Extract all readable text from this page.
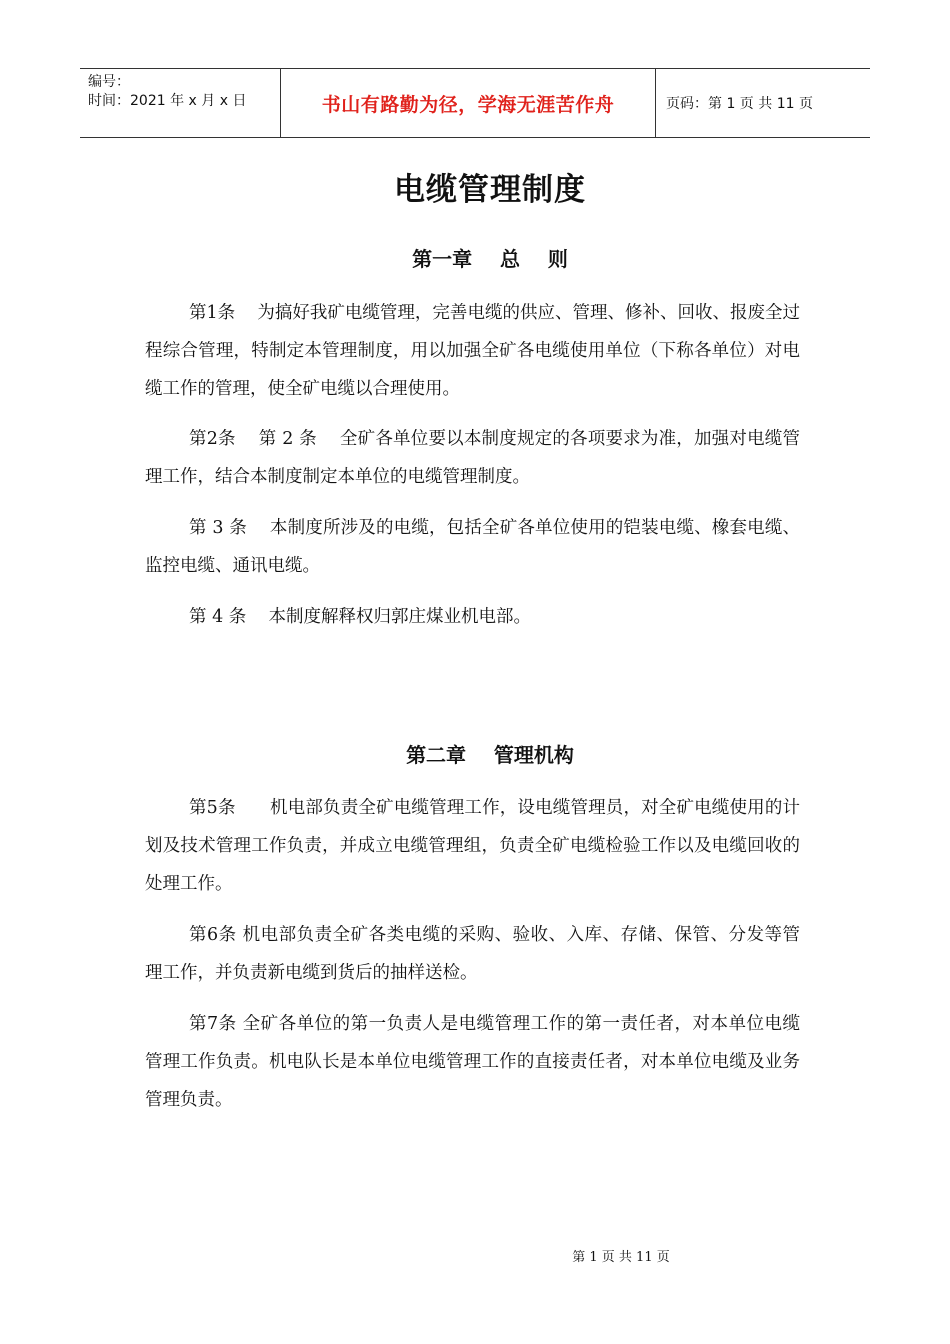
编号：
时间：2021 年 x 月 x 日	书山有路勤为径，学海无涯苦作舟	页码：第 1 页 共 11 页
电缆管理制度
第一章    总    则

第1条    为搞好我矿电缆管理，完善电缆的供应、管理、修补、回收、报废全过程综合管理，特制定本管理制度，用以加强全矿各电缆使用单位（下称各单位）对电缆工作的管理，使全矿电缆以合理使用。

第2条    第 2 条    全矿各单位要以本制度规定的各项要求为准，加强对电缆管理工作，结合本制度制定本单位的电缆管理制度。

第 3 条    本制度所涉及的电缆，包括全矿各单位使用的铠装电缆、橡套电缆、监控电缆、通讯电缆。

第 4 条    本制度解释权归郭庄煤业机电部。

第二章    管理机构

第5条      机电部负责全矿电缆管理工作，设电缆管理员，对全矿电缆使用的计划及技术管理工作负责，并成立电缆管理组，负责全矿电缆检验工作以及电缆回收的处理工作。

第6条 机电部负责全矿各类电缆的采购、验收、入库、存储、保管、分发等管理工作，并负责新电缆到货后的抽样送检。

第7条 全矿各单位的第一负责人是电缆管理工作的第一责任者，对本单位电缆管理工作负责。机电队长是本单位电缆管理工作的直接责任者，对本单位电缆及业务管理负责。

第 1 页 共 11 页
